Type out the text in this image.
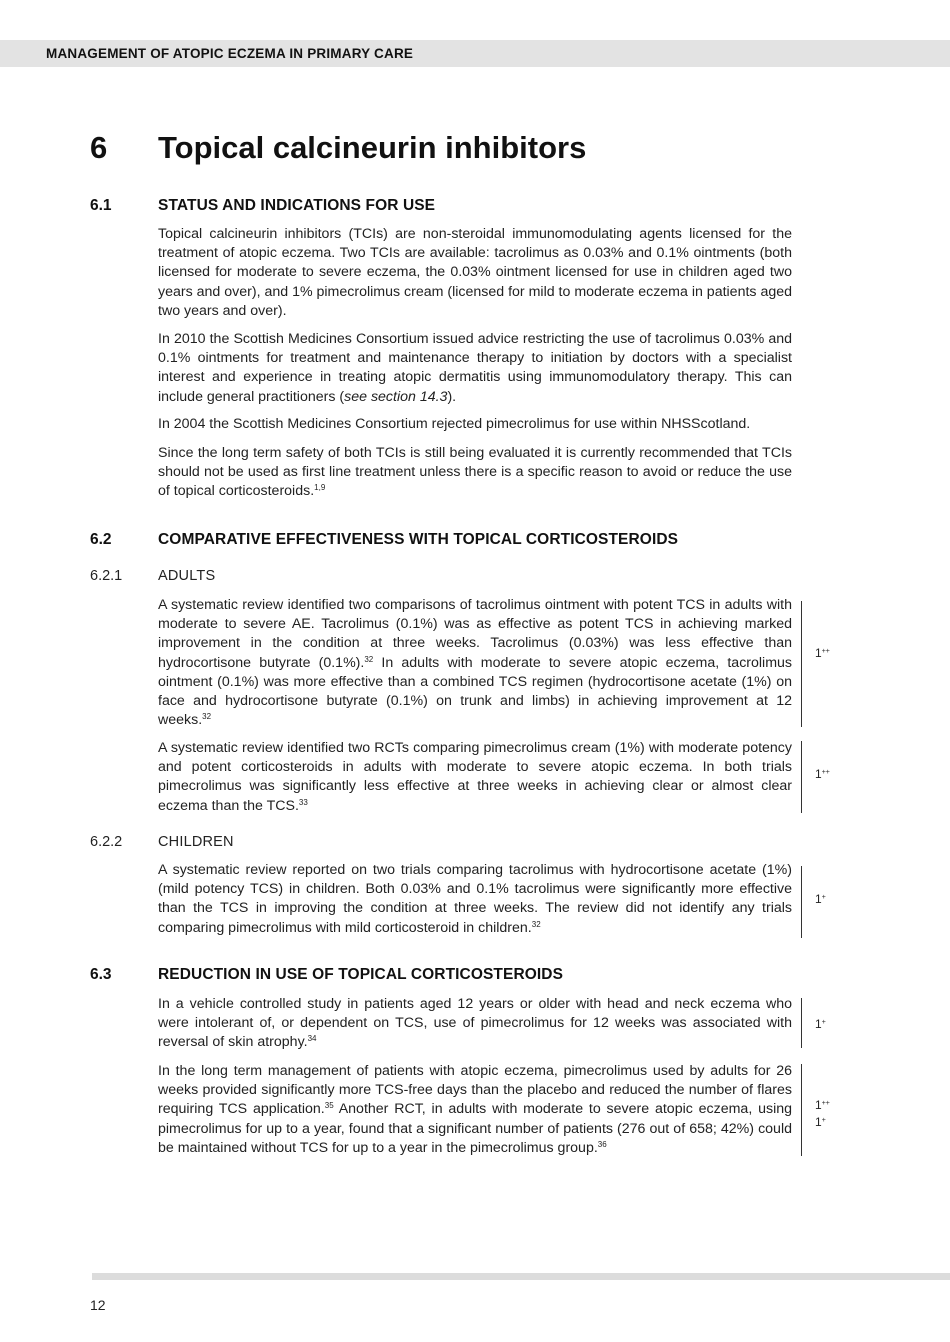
MANAGEMENT OF ATOPIC ECZEMA IN PRIMARY CARE
6 Topical calcineurin inhibitors
6.1	STATUS AND INDICATIONS FOR USE

Topical calcineurin inhibitors (TCIs) are non-steroidal immunomodulating agents licensed for the treatment of atopic eczema. Two TCIs are available: tacrolimus as 0.03% and 0.1% ointments (both licensed for moderate to severe eczema, the 0.03% ointment licensed for use in children aged two years and over), and 1% pimecrolimus cream (licensed for mild to moderate eczema in patients aged two years and over).

In 2010 the Scottish Medicines Consortium issued advice restricting the use of tacrolimus 0.03% and 0.1% ointments for treatment and maintenance therapy to initiation by doctors with a specialist interest and experience in treating atopic dermatitis using immunomodulatory therapy. This can include general practitioners (see section 14.3).

In 2004 the Scottish Medicines Consortium rejected pimecrolimus for use within NHSScotland.

Since the long term safety of both TCIs is still being evaluated it is currently recommended that TCIs should not be used as first line treatment unless there is a specific reason to avoid or reduce the use of topical corticosteroids.$^{1,9}$

6.2	COMPARATIVE EFFECTIVENESS WITH TOPICAL CORTICOSTEROIDS
6.2.1 ADULTS

A systematic review identified two comparisons of tacrolimus ointment with potent TCS in adults with moderate to severe AE. Tacrolimus (0.1%) was as effective as potent TCS in achieving marked improvement in the condition at three weeks. Tacrolimus (0.03%) was less effective than hydrocortisone butyrate (0.1%).$^{32}$ In adults with moderate to severe atopic eczema, tacrolimus ointment (0.1%) was more effective than a combined TCS regimen (hydrocortisone acetate (1%) on face and hydrocortisone butyrate (0.1%) on trunk and limbs) in achieving improvement at 12 weeks.$^{32}$

1++

A systematic review identified two RCTs comparing pimecrolimus cream (1%) with moderate potency and potent corticosteroids in adults with moderate to severe atopic eczema. In both trials pimecrolimus was significantly less effective at three weeks in achieving clear or almost clear eczema than the TCS.$^{33}$

1++
6.2.2 CHILDREN

A systematic review reported on two trials comparing tacrolimus with hydrocortisone acetate (1%) (mild potency TCS) in children. Both 0.03% and 0.1% tacrolimus were significantly more effective than the TCS in improving the condition at three weeks. The review did not identify any trials comparing pimecrolimus with mild corticosteroid in children.$^{32}$

1+
6.3	REDUCTION IN USE OF TOPICAL CORTICOSTEROIDS

In a vehicle controlled study in patients aged 12 years or older with head and neck eczema who were intolerant of, or dependent on TCS, use of pimecrolimus for 12 weeks was associated with reversal of skin atrophy.$^{34}$

1+

In the long term management of patients with atopic eczema, pimecrolimus used by adults for 26 weeks provided significantly more TCS-free days than the placebo and reduced the number of flares requiring TCS application.$^{35}$ Another RCT, in adults with moderate to severe atopic eczema, using pimecrolimus for up to a year, found that a significant number of patients (276 out of 658; 42%) could be maintained without TCS for up to a year in the pimecrolimus group.$^{36}$

1++
1+
12
